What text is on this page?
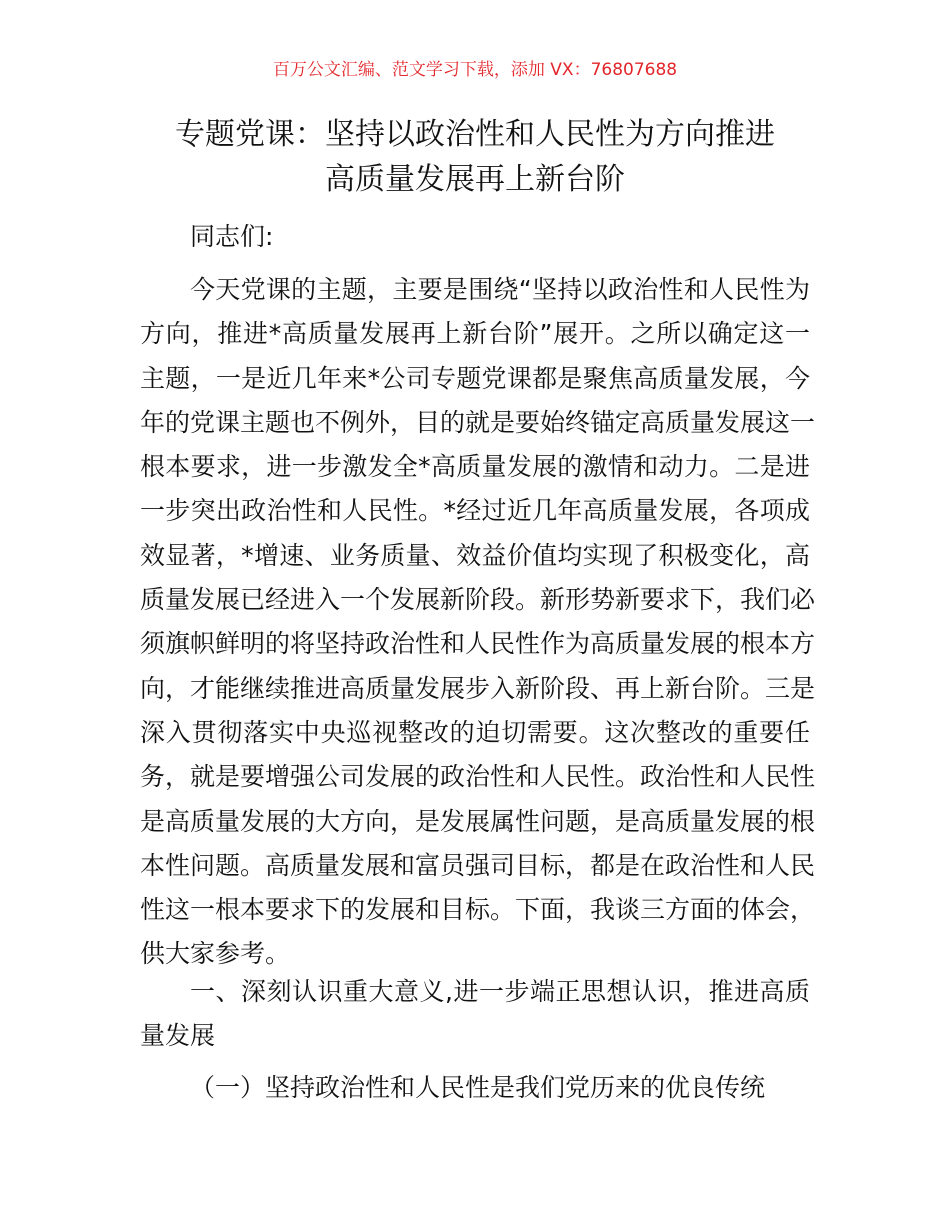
百万公文汇编、范文学习下载，添加 VX：76807688
专题党课：坚持以政治性和人民性为方向推进
高质量发展再上新台阶
同志们:
今天党课的主题，主要是围绕“坚持以政治性和人民性为
方向，推进*高质量发展再上新台阶”展开。之所以确定这一
主题，一是近几年来*公司专题党课都是聚焦高质量发展，今
年的党课主题也不例外，目的就是要始终锚定高质量发展这一
根本要求，进一步激发全*高质量发展的激情和动力。二是进
一步突出政治性和人民性。*经过近几年高质量发展，各项成
效显著，*增速、业务质量、效益价值均实现了积极变化，高
质量发展已经进入一个发展新阶段。新形势新要求下，我们必
须旗帜鲜明的将坚持政治性和人民性作为高质量发展的根本方
向，才能继续推进高质量发展步入新阶段、再上新台阶。三是
深入贯彻落实中央巡视整改的迫切需要。这次整改的重要任
务，就是要增强公司发展的政治性和人民性。政治性和人民性
是高质量发展的大方向，是发展属性问题，是高质量发展的根
本性问题。高质量发展和富员强司目标，都是在政治性和人民
性这一根本要求下的发展和目标。下面，我谈三方面的体会，
供大家参考。
一、深刻认识重大意义,进一步端正思想认识，推进高质
量发展
（一）坚持政治性和人民性是我们党历来的优良传统
